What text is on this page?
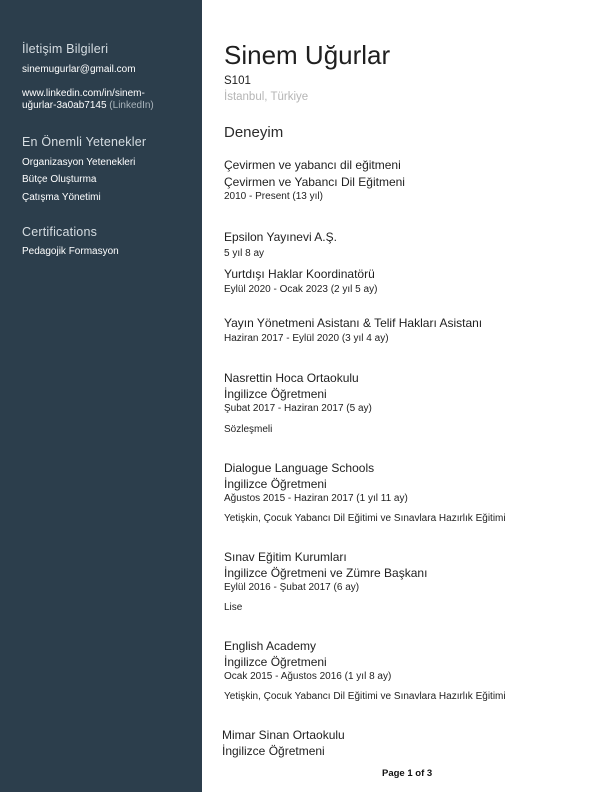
İletişim Bilgileri
sinemugurlar@gmail.com
www.linkedin.com/in/sinem-
uğurlar-3a0ab7145 (LinkedIn)
En Önemli Yetenekler
Organizasyon Yetenekleri
Bütçe Oluşturma
Çatışma Yönetimi
Certifications
Pedagojik Formasyon
Sinem Uğurlar
S101
İstanbul, Türkiye
Deneyim
Çevirmen ve yabancı dil eğitmeni
Çevirmen ve Yabancı Dil Eğitmeni
2010 - Present (13 yıl)
Epsilon Yayınevi A.Ş.
5 yıl 8 ay
Yurtdışı Haklar Koordinatörü
Eylül 2020 - Ocak 2023 (2 yıl 5 ay)
Yayın Yönetmeni Asistanı & Telif Hakları Asistanı
Haziran 2017 - Eylül 2020 (3 yıl 4 ay)
Nasrettin Hoca Ortaokulu
İngilizce Öğretmeni
Şubat 2017 - Haziran 2017 (5 ay)
Sözleşmeli
Dialogue Language Schools
İngilizce Öğretmeni
Ağustos 2015 - Haziran 2017 (1 yıl 11 ay)
Yetişkin, Çocuk Yabancı Dil Eğitimi ve Sınavlara Hazırlık Eğitimi
Sınav Eğitim Kurumları
İngilizce Öğretmeni ve Zümre Başkanı
Eylül 2016 - Şubat 2017 (6 ay)
Lise
English Academy
İngilizce Öğretmeni
Ocak 2015 - Ağustos 2016 (1 yıl 8 ay)
Yetişkin, Çocuk Yabancı Dil Eğitimi ve Sınavlara Hazırlık Eğitimi
Mimar Sinan Ortaokulu
İngilizce Öğretmeni
Page 1 of 3
